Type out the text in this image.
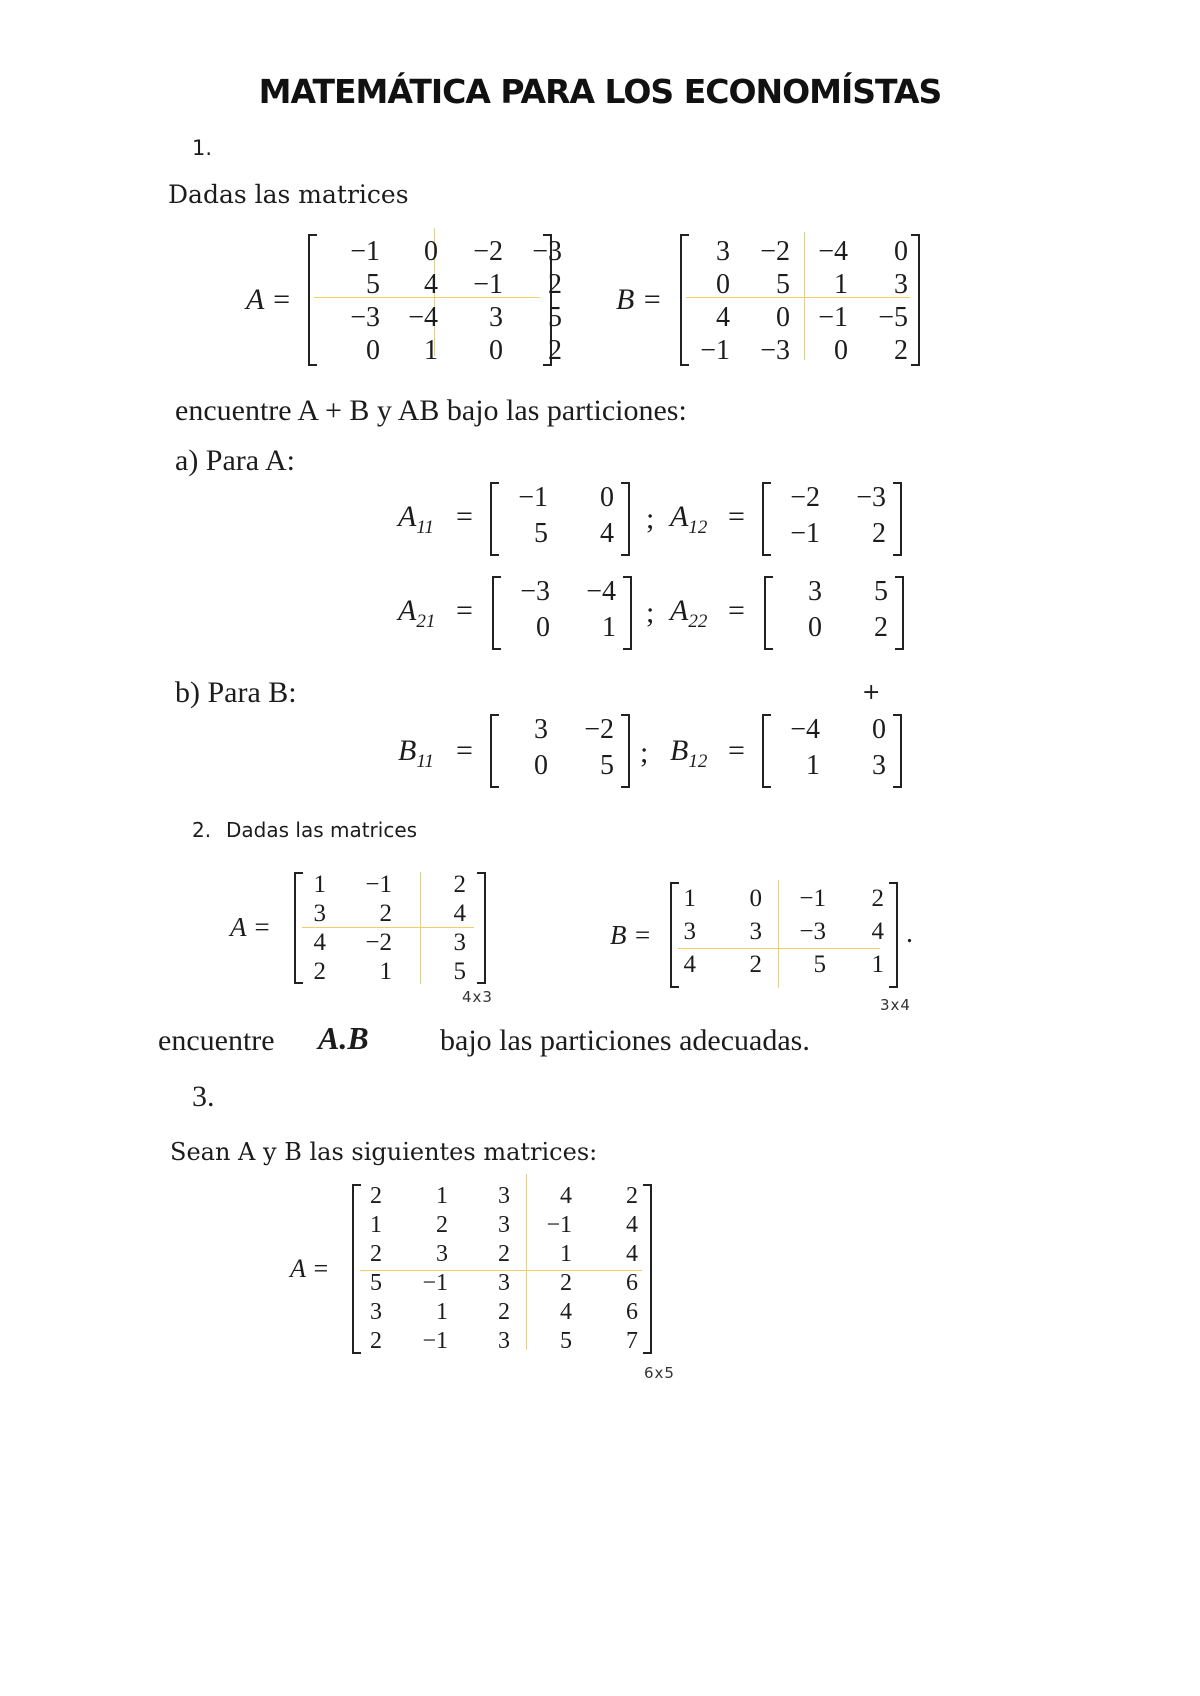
MATEMÁTICA PARA LOS ECONOMÍSTAS
1.
Dadas las matrices
A =
−1 0 −2 −3
5 4 −1 2
−3 −4 3 5
0 1 0 2
B =
3 −2 −4 0
0 5 1 3
4 0 −1 −5
−1 −3 0 2
encuentre A + B y AB bajo las particiones:
a) Para A:
$A_{11}$ =
−1 0
5 4 ; $A_{12}$ =
−2 −3
−1 2
$A_{21}$ =
−3 −4
0 1 ; $A_{22}$ =
3 5
0 2
b) Para B:	+
$B_{11}$ =
3 −2
0 5 ; $B_{12}$ =
−4 0
1 3
2. Dadas las matrices
A =
1 −1 2
3 2 4
4 −2 3
2 1 5
4x3
B =
1 0 −1 2
3 3 −3 4
4 2 5 1
.
3x4
encuentre A.B bajo las particiones adecuadas.
3.
Sean A y B las siguientes matrices:
A =
2 1 3 4 2
1 2 3 −1 4
2 3 2 1 4
5 −1 3 2 6
3 1 2 4 6
2 −1 3 5 7
6x5
